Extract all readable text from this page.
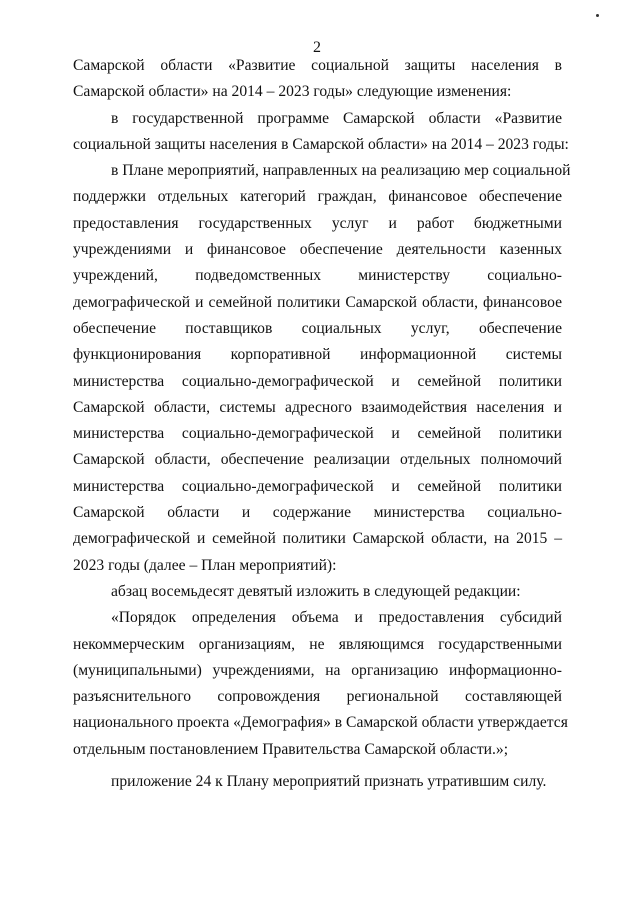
2

Самарской области «Развитие социальной защиты населения в
Самарской области» на 2014 – 2023 годы» следующие изменения:

в государственной программе Самарской области «Развитие
социальной защиты населения в Самарской области» на 2014 – 2023 годы:

в Плане мероприятий, направленных на реализацию мер социальной
поддержки отдельных категорий граждан, финансовое обеспечение
предоставления государственных услуг и работ бюджетными
учреждениями и финансовое обеспечение деятельности казенных
учреждений, подведомственных министерству социально-
демографической и семейной политики Самарской области, финансовое
обеспечение поставщиков социальных услуг, обеспечение
функционирования корпоративной информационной системы
министерства социально-демографической и семейной политики
Самарской области, системы адресного взаимодействия населения и
министерства социально-демографической и семейной политики
Самарской области, обеспечение реализации отдельных полномочий
министерства социально-демографической и семейной политики
Самарской области и содержание министерства социально-
демографической и семейной политики Самарской области, на 2015 –
2023 годы (далее – План мероприятий):

абзац восемьдесят девятый изложить в следующей редакции:

«Порядок определения объема и предоставления субсидий
некоммерческим организациям, не являющимся государственными
(муниципальными) учреждениями, на организацию информационно-
разъяснительного сопровождения региональной составляющей
национального проекта «Демография» в Самарской области утверждается
отдельным постановлением Правительства Самарской области.»;

приложение 24 к Плану мероприятий признать утратившим силу.
